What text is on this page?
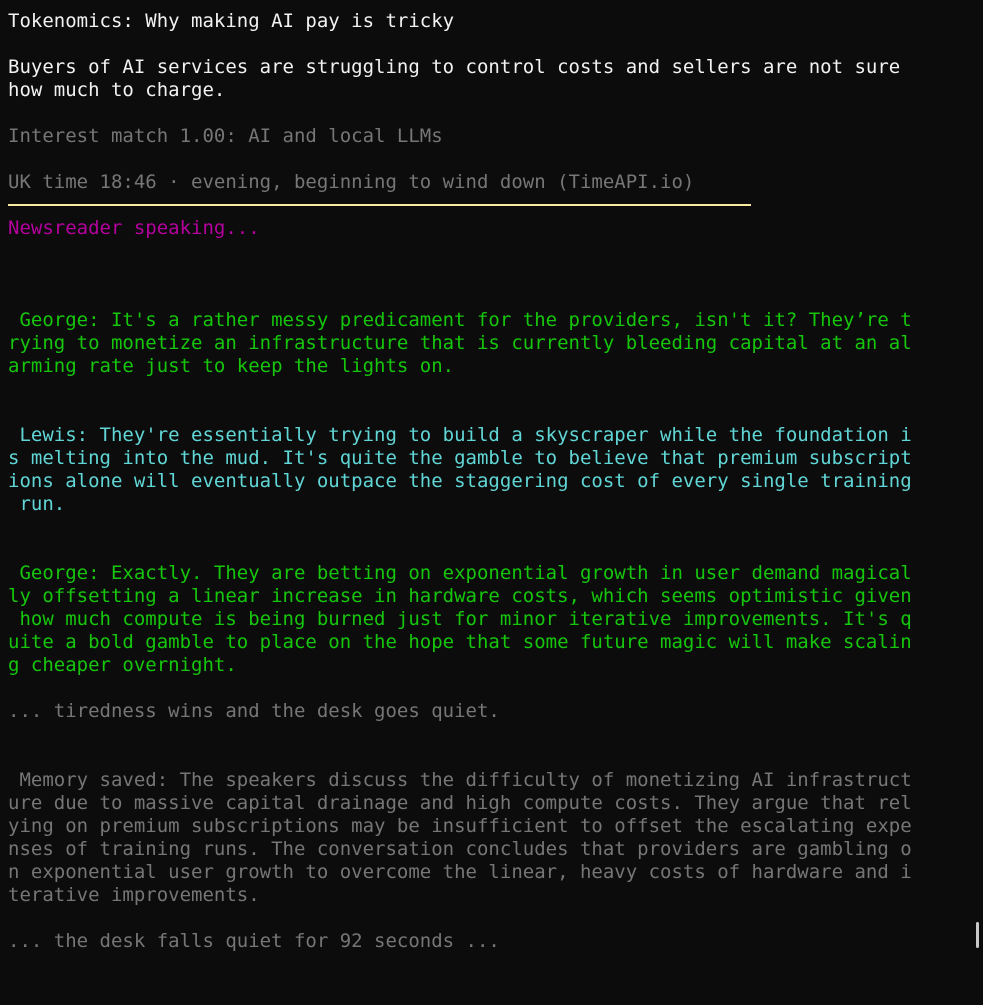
Tokenomics: Why making AI pay is tricky
Buyers of AI services are struggling to control costs and sellers are not sure
how much to charge.
Interest match 1.00: AI and local LLMs
UK time 18:46 · evening, beginning to wind down (TimeAPI.io)
Newsreader speaking...
George: It's a rather messy predicament for the providers, isn't it? They’re t
rying to monetize an infrastructure that is currently bleeding capital at an al
arming rate just to keep the lights on.
Lewis: They're essentially trying to build a skyscraper while the foundation i
s melting into the mud. It's quite the gamble to believe that premium subscript
ions alone will eventually outpace the staggering cost of every single training
run.
George: Exactly. They are betting on exponential growth in user demand magical
ly offsetting a linear increase in hardware costs, which seems optimistic given
how much compute is being burned just for minor iterative improvements. It's q
uite a bold gamble to place on the hope that some future magic will make scalin
g cheaper overnight.
... tiredness wins and the desk goes quiet.
Memory saved: The speakers discuss the difficulty of monetizing AI infrastruct
ure due to massive capital drainage and high compute costs. They argue that rel
ying on premium subscriptions may be insufficient to offset the escalating expe
nses of training runs. The conversation concludes that providers are gambling o
n exponential user growth to overcome the linear, heavy costs of hardware and i
terative improvements.
... the desk falls quiet for 92 seconds ...
